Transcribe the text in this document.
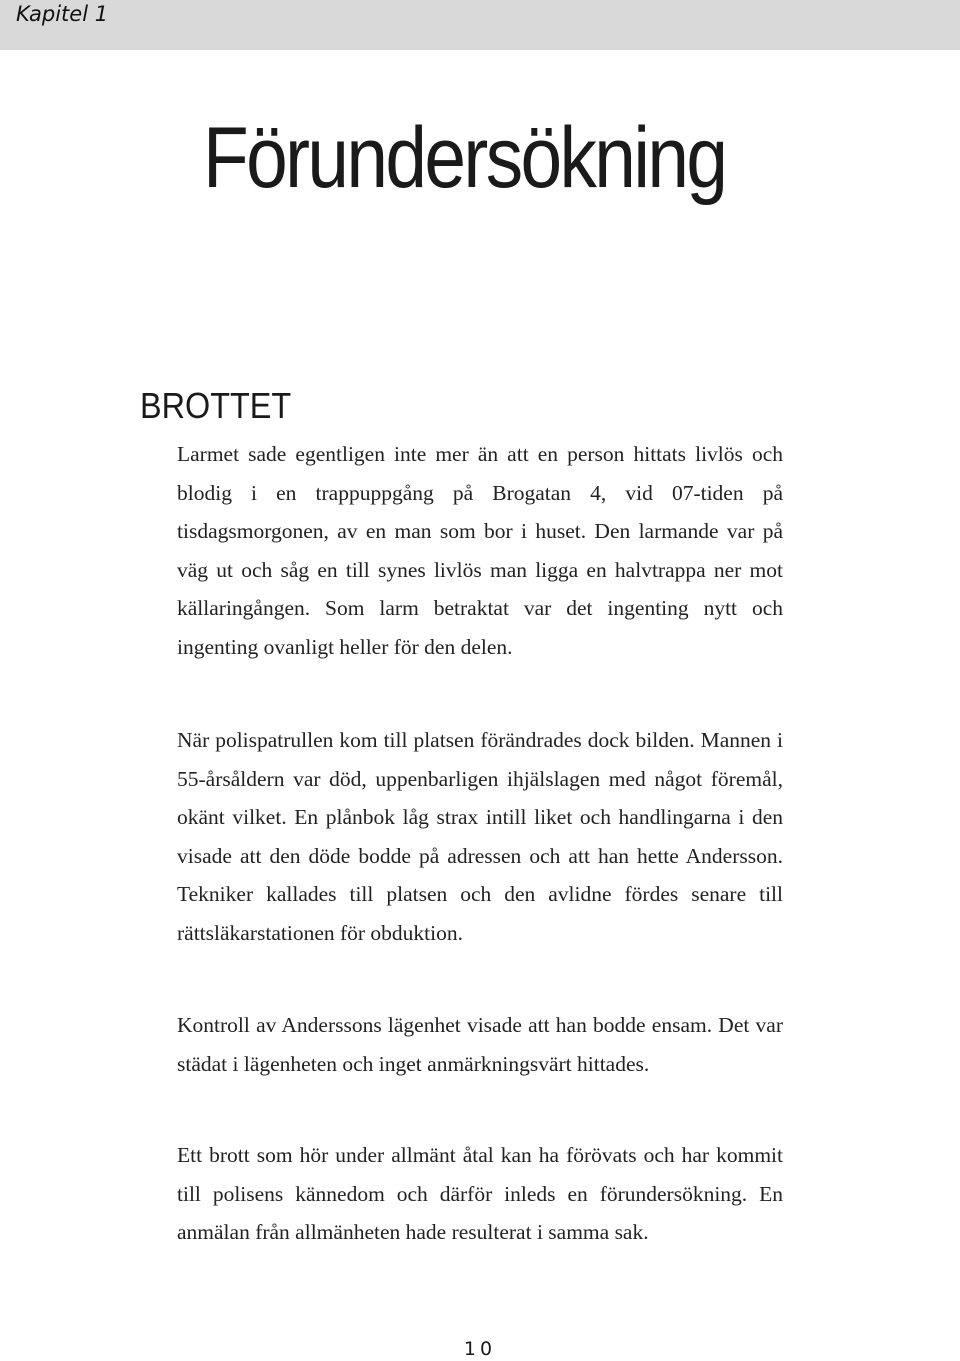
Kapitel 1
Förundersökning
BROTTET

Larmet sade egentligen inte mer än att en person hittats livlös och blodig i en trappuppgång på Brogatan 4, vid 07-tiden på tisdagsmorgonen, av en man som bor i huset. Den larmande var på väg ut och såg en till synes livlös man ligga en halvtrappa ner mot källaringången. Som larm betraktat var det ingenting nytt och ingenting ovanligt heller för den delen.

När polispatrullen kom till platsen förändrades dock bilden. Mannen i 55-årsåldern var död, uppenbarligen ihjälslagen med något föremål, okänt vilket. En plånbok låg strax intill liket och handlingarna i den visade att den döde bodde på adressen och att han hette Andersson. Tekniker kallades till platsen och den avlidne fördes senare till rättsläkarstationen för obduktion.

Kontroll av Anderssons lägenhet visade att han bodde ensam. Det var städat i lägenheten och inget anmärkningsvärt hittades.

Ett brott som hör under allmänt åtal kan ha förövats och har kommit till polisens kännedom och därför inleds en förundersökning. En anmälan från allmänheten hade resulterat i samma sak.

10
